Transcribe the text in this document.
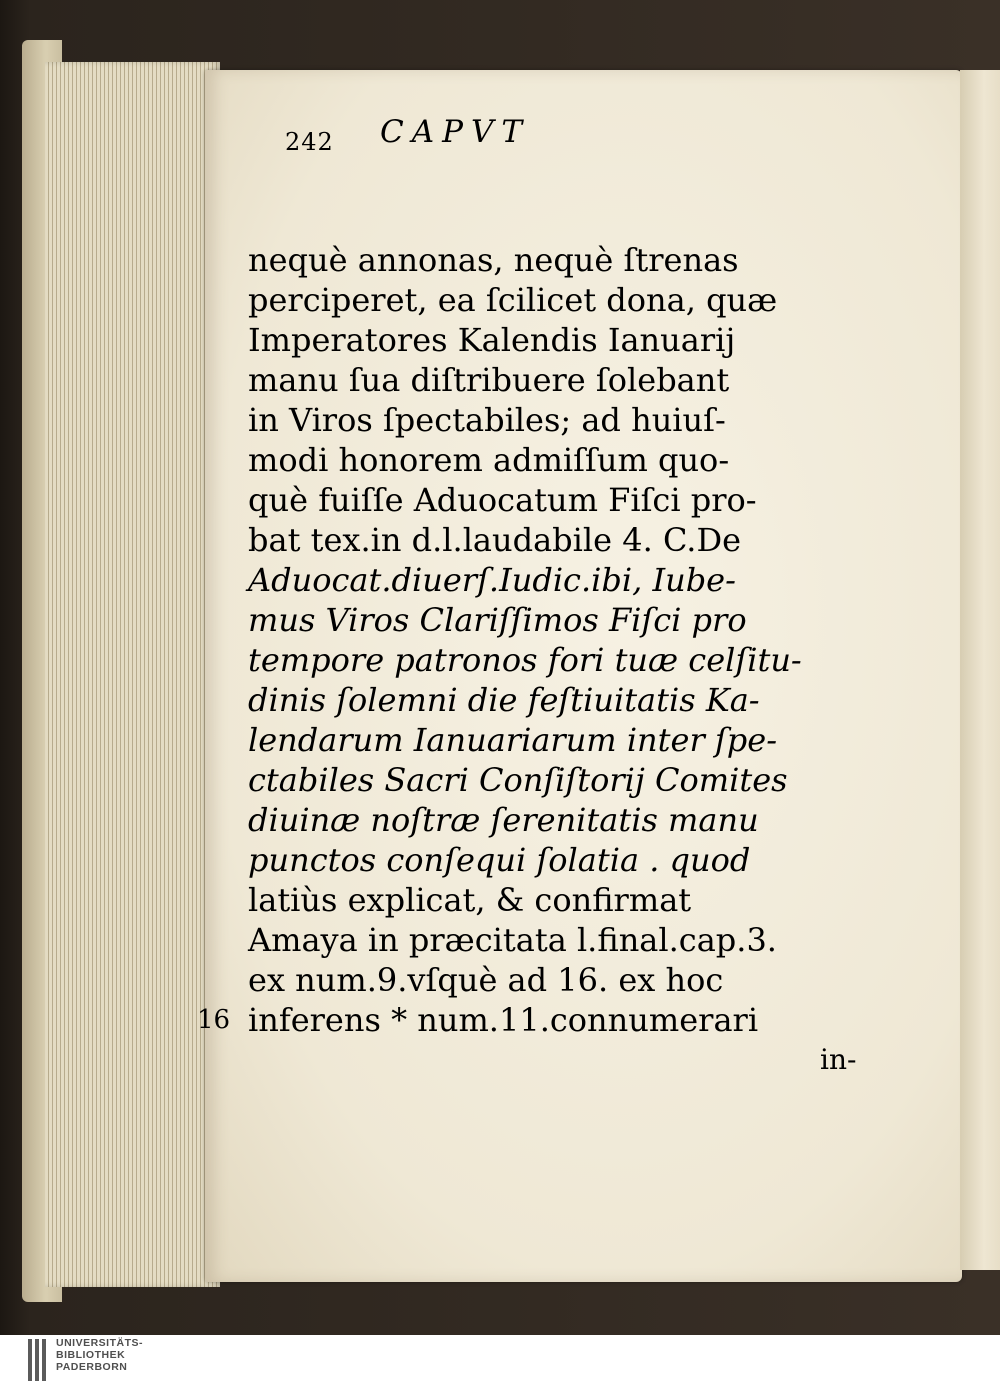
242 CAPVT
nequè annonas, nequè ſtrenas
perciperet, ea ſcilicet dona, quæ
Imperatores Kalendis Ianuarij
manu ſua diſtribuere ſolebant
in Viros ſpectabiles; ad huiuſ-
modi honorem admiſſum quo-
què fuiſſe Aduocatum Fiſci pro-
bat tex.in d.l.laudabile 4. C.De
Aduocat.diuerſ.Iudic.ibi, Iube-
mus Viros Clariſſimos Fiſci pro
tempore patronos fori tuæ celſitu-
dinis ſolemni die feſtiuitatis Ka-
lendarum Ianuariarum inter ſpe-
ctabiles Sacri Conſiſtorij Comites
diuinæ noſtræ ſerenitatis manu
punctos conſequi ſolatia . quod
latiùs explicat, & confirmat
Amaya in præcitata l.final.cap.3.
ex num.9.vſquè ad 16. ex hoc
inferens * num.11.connumerari
16
in-
UNIVERSITÄTS-
BIBLIOTHEK
PADERBORN
